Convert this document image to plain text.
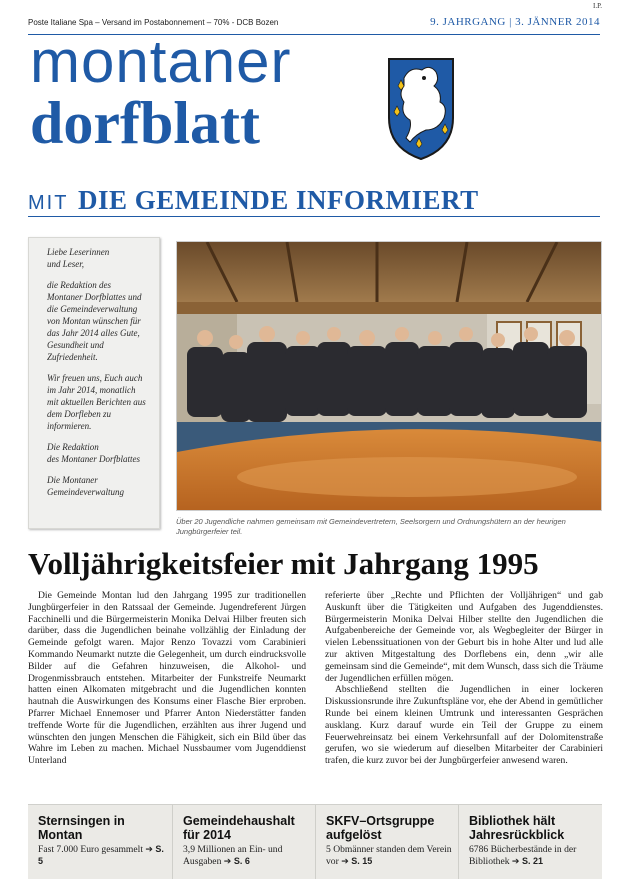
I.P.
Poste Italiane Spa – Versand im Postabonnement – 70% - DCB Bozen	9. JAHRGANG | 3. JÄNNER 2014
montaner
dorfblatt
MIT DIE GEMEINDE INFORMIERT

Liebe Leserinnen
und Leser,

die Redaktion des Montaner Dorfblattes und die Gemeindeverwaltung von Montan wünschen für das Jahr 2014 alles Gute, Gesundheit und Zufriedenheit.

Wir freuen uns, Euch auch im Jahr 2014, monatlich mit aktuellen Berichten aus dem Dorfleben zu informieren.

Die Redaktion
des Montaner Dorfblattes

Die Montaner
Gemeindeverwaltung

Über 20 Jugendliche nahmen gemeinsam mit Gemeindevertretern, Seelsorgern und Ordnungshütern an der heurigen Jungbürgerfeier teil.
Volljährigkeitsfeier mit Jahrgang 1995

Die Gemeinde Montan lud den Jahrgang 1995 zur traditionellen Jungbürgerfeier in den Ratssaal der Gemeinde. Jugendreferent Jürgen Facchinelli und die Bürgermeisterin Monika Delvai Hilber freuten sich darüber, dass die Jugendlichen beinahe vollzählig der Einladung der Gemeinde gefolgt waren. Major Renzo Tovazzi vom Carabinieri Kommando Neumarkt nutzte die Gelegenheit, um durch eindrucksvolle Bilder auf die Gefahren hinzuweisen, die Alkohol- und Drogenmissbrauch entstehen. Mitarbeiter der Funkstreife Neumarkt hatten einen Alkomaten mitgebracht und die Jugendlichen konnten hautnah die Auswirkungen des Konsums einer Flasche Bier erproben. Pfarrer Michael Ennemoser und Pfarrer Anton Niederstätter fanden treffende Worte für die Jugendlichen, erzählten aus ihrer Jugend und wünschten den jungen Menschen die Fähigkeit, sich ein Bild über das Wahre im Leben zu machen. Michael Nussbaumer vom Jugenddienst Unterland

referierte über „Rechte und Pflichten der Volljährigen“ und gab Auskunft über die Tätigkeiten und Aufgaben des Jugenddienstes. Bürgermeisterin Monika Delvai Hilber stellte den Jugendlichen die Aufgabenbereiche der Gemeinde vor, als Wegbegleiter der Bürger in vielen Lebenssituationen von der Geburt bis in hohe Alter und lud alle zur aktiven Mitgestaltung des Dorflebens ein, denn „wir alle gemeinsam sind die Gemeinde“, mit dem Wunsch, dass sich die Träume der Jugendlichen erfüllen mögen.

Abschließend stellten die Jugendlichen in einer lockeren Diskussionsrunde ihre Zukunftspläne vor, ehe der Abend in gemütlicher Runde bei einem kleinen Umtrunk und interessanten Gesprächen ausklang. Kurz darauf wurde ein Teil der Gruppe zu einem Feuerwehreinsatz bei einem Verkehrsunfall auf der Dolomitenstraße gerufen, wo sie wiederum auf dieselben Mitarbeiter der Carabinieri trafen, die kurz zuvor bei der Jungbürgerfeier anwesend waren.

Sternsingen in Montan
Fast 7.000 Euro gesammelt ➔ S. 5
Gemeindehaushalt für 2014
3,9 Millionen an Ein- und Ausgaben ➔ S. 6
SKFV–Ortsgruppe aufgelöst
5 Obmänner standen dem Verein vor ➔ S. 15
Bibliothek hält Jahresrückblick
6786 Bücherbestände in der Bibliothek ➔ S. 21
